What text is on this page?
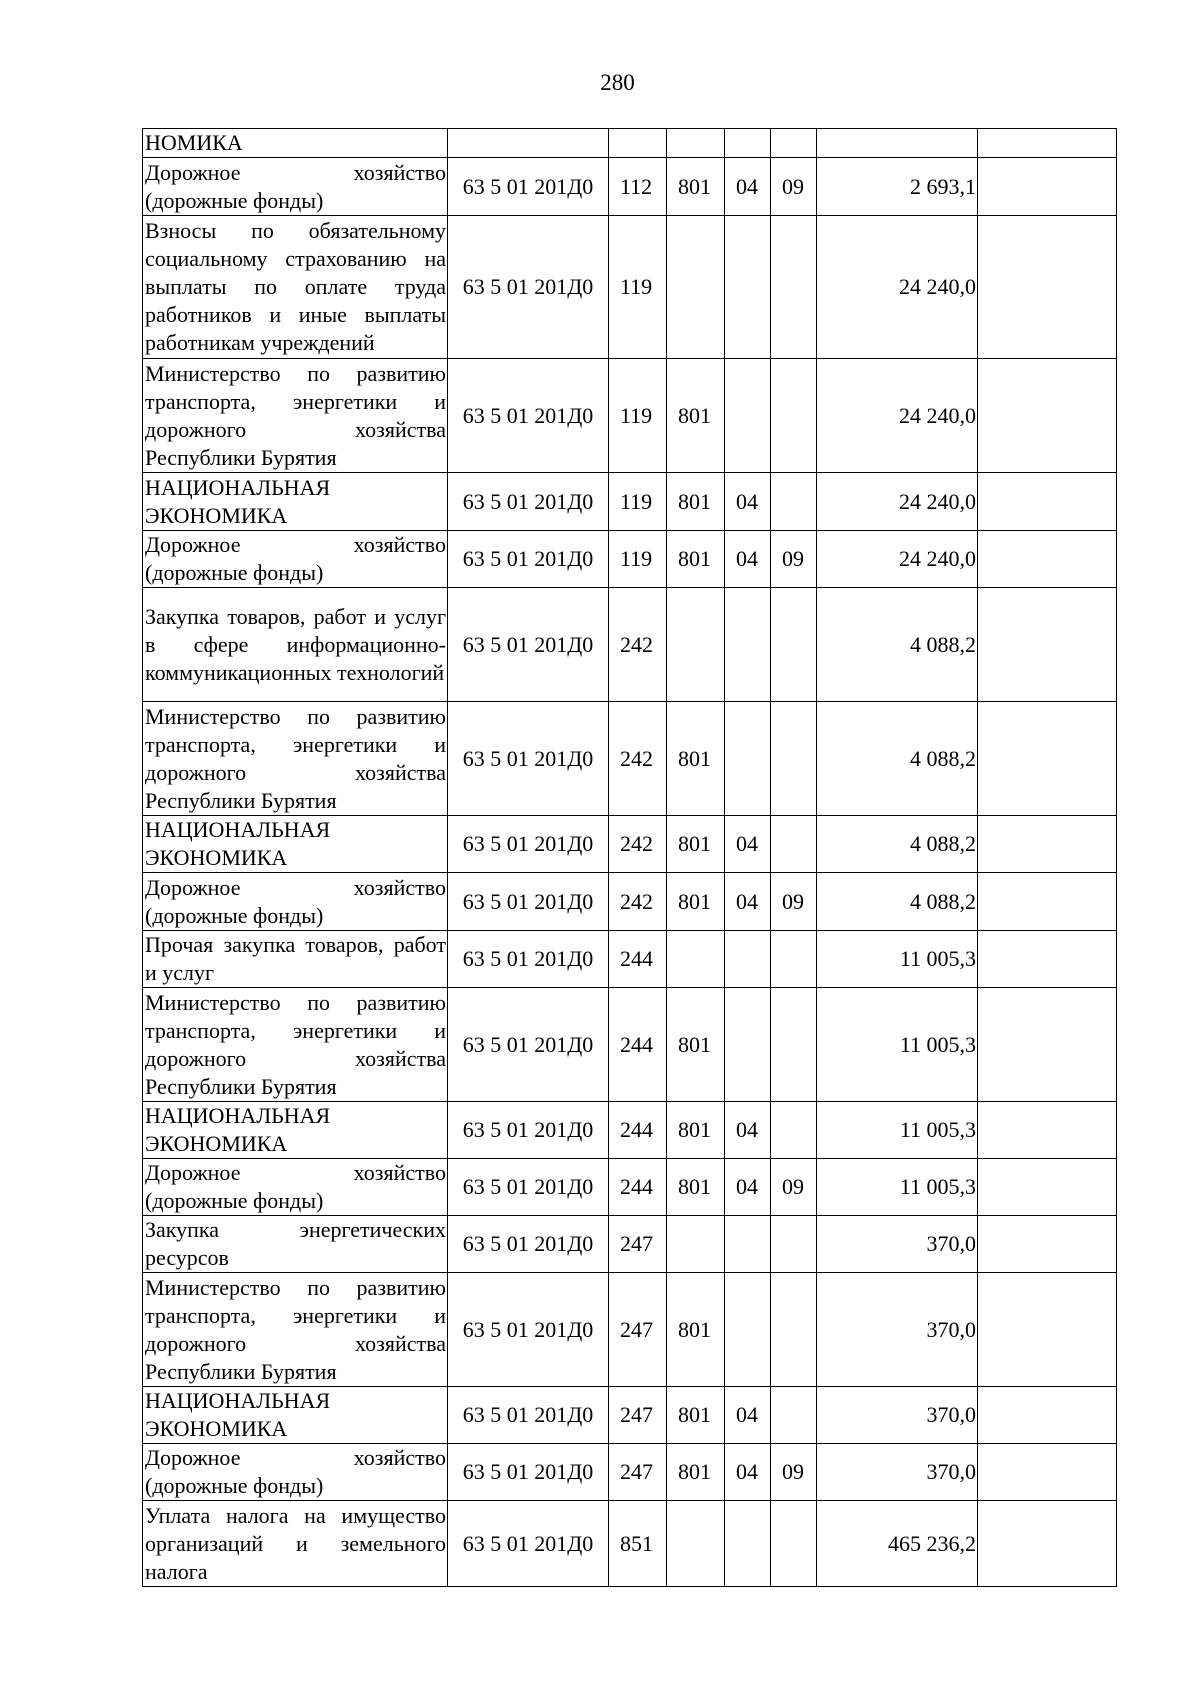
280
НОМИКА							
Дорожное хозяйство (дорожные фонды)	63 5 01 201Д0	112	801	04	09	2 693,1	
Взносы по обязательному социальному страхованию на выплаты по оплате труда работников и иные выплаты работникам учреждений	63 5 01 201Д0	119				24 240,0	
Министерство по развитию транспорта, энергетики и дорожного хозяйства Республики Бурятия	63 5 01 201Д0	119	801			24 240,0	
НАЦИОНАЛЬНАЯ ЭКОНОМИКА	63 5 01 201Д0	119	801	04		24 240,0	
Дорожное хозяйство (дорожные фонды)	63 5 01 201Д0	119	801	04	09	24 240,0	
Закупка товаров, работ и услуг в сфере информационно-коммуникационных технологий	63 5 01 201Д0	242				4 088,2	
Министерство по развитию транспорта, энергетики и дорожного хозяйства Республики Бурятия	63 5 01 201Д0	242	801			4 088,2	
НАЦИОНАЛЬНАЯ ЭКОНОМИКА	63 5 01 201Д0	242	801	04		4 088,2	
Дорожное хозяйство (дорожные фонды)	63 5 01 201Д0	242	801	04	09	4 088,2	
Прочая закупка товаров, работ и услуг	63 5 01 201Д0	244				11 005,3	
Министерство по развитию транспорта, энергетики и дорожного хозяйства Республики Бурятия	63 5 01 201Д0	244	801			11 005,3	
НАЦИОНАЛЬНАЯ ЭКОНОМИКА	63 5 01 201Д0	244	801	04		11 005,3	
Дорожное хозяйство (дорожные фонды)	63 5 01 201Д0	244	801	04	09	11 005,3	
Закупка энергетических ресурсов	63 5 01 201Д0	247				370,0	
Министерство по развитию транспорта, энергетики и дорожного хозяйства Республики Бурятия	63 5 01 201Д0	247	801			370,0	
НАЦИОНАЛЬНАЯ ЭКОНОМИКА	63 5 01 201Д0	247	801	04		370,0	
Дорожное хозяйство (дорожные фонды)	63 5 01 201Д0	247	801	04	09	370,0	
Уплата налога на имущество организаций и земельного налога	63 5 01 201Д0	851				465 236,2	
